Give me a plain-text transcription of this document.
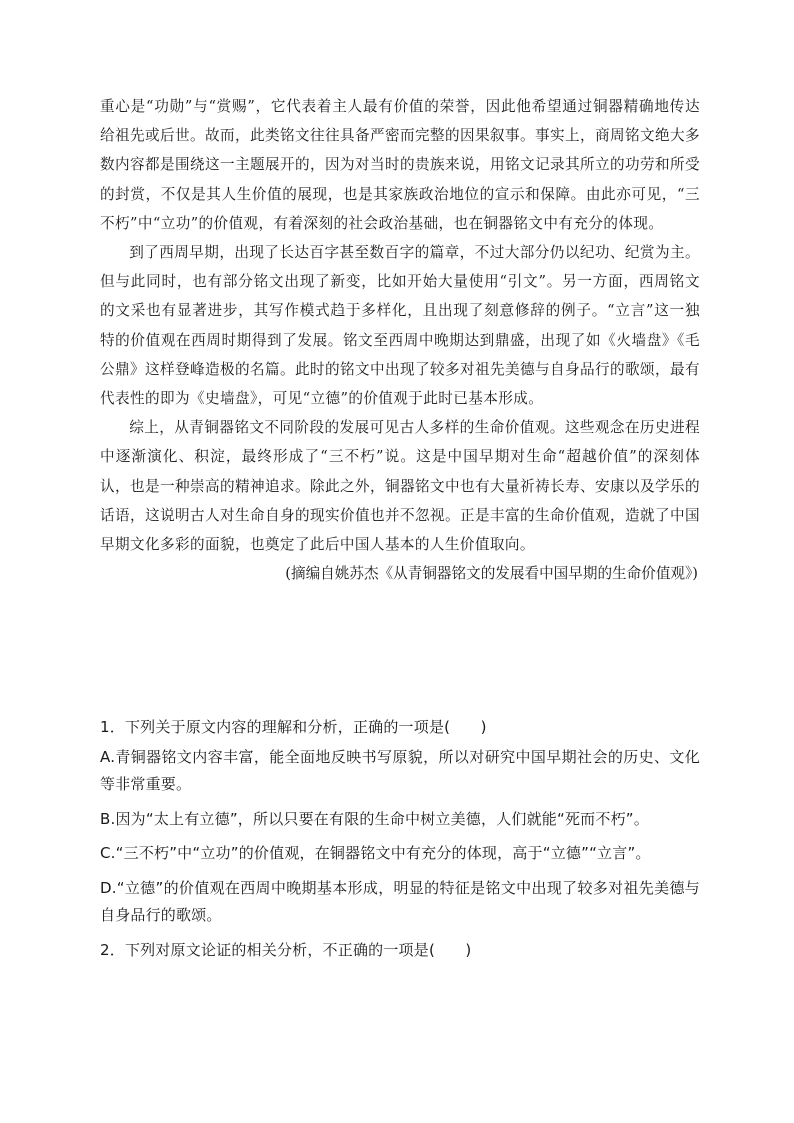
重心是“功勋”与“赏赐”，它代表着主人最有价值的荣誉，因此他希望通过铜器精确地传达给祖先或后世。故而，此类铭文往往具备严密而完整的因果叙事。事实上，商周铭文绝大多数内容都是围绕这一主题展开的，因为对当时的贵族来说，用铭文记录其所立的功劳和所受的封赏，不仅是其人生价值的展现，也是其家族政治地位的宣示和保障。由此亦可见，“三不朽”中“立功”的价值观，有着深刻的社会政治基础，也在铜器铭文中有充分的体现。

到了西周早期，出现了长达百字甚至数百字的篇章，不过大部分仍以纪功、纪赏为主。但与此同时，也有部分铭文出现了新变，比如开始大量使用“引文”。另一方面，西周铭文的文采也有显著进步，其写作模式趋于多样化，且出现了刻意修辞的例子。“立言”这一独特的价值观在西周时期得到了发展。铭文至西周中晚期达到鼎盛，出现了如《火墙盘》《毛公鼎》这样登峰造极的名篇。此时的铭文中出现了较多对祖先美德与自身品行的歌颂，最有代表性的即为《史墙盘》，可见“立德”的价值观于此时已基本形成。

综上，从青铜器铭文不同阶段的发展可见古人多样的生命价值观。这些观念在历史进程中逐渐演化、积淀，最终形成了“三不朽”说。这是中国早期对生命“超越价值”的深刻体认，也是一种崇高的精神追求。除此之外，铜器铭文中也有大量祈祷长寿、安康以及学乐的话语，这说明古人对生命自身的现实价值也并不忽视。正是丰富的生命价值观，造就了中国早期文化多彩的面貌，也奠定了此后中国人基本的人生价值取向。

(摘编自姚苏杰《从青铜器铭文的发展看中国早期的生命价值观》)

1．下列关于原文内容的理解和分析，正确的一项是(　　)

A.青铜器铭文内容丰富，能全面地反映书写原貌，所以对研究中国早期社会的历史、文化等非常重要。

B.因为“太上有立德”，所以只要在有限的生命中树立美德，人们就能“死而不朽”。

C.“三不朽”中“立功”的价值观，在铜器铭文中有充分的体现，高于“立德”“立言”。

D.“立德”的价值观在西周中晚期基本形成，明显的特征是铭文中出现了较多对祖先美德与自身品行的歌颂。

2．下列对原文论证的相关分析，不正确的一项是(　　)
